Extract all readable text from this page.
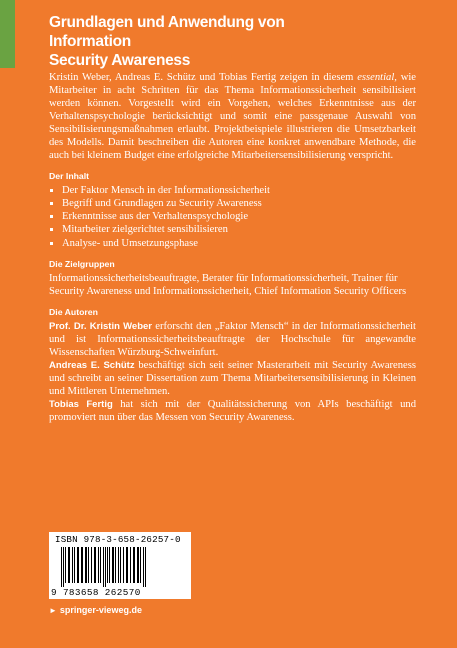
Grundlagen und Anwendung von Information
Security Awareness

Kristin Weber, Andreas E. Schütz und Tobias Fertig zeigen in diesem essential, wie Mitarbeiter in acht Schritten für das Thema Informationssicherheit sensibilisiert werden können. Vorgestellt wird ein Vorgehen, welches Erkenntnisse aus der Verhaltenspsychologie berücksichtigt und somit eine passgenaue Auswahl von Sensibilisierungsmaßnahmen erlaubt. Projektbeispiele illustrieren die Umsetzbarkeit des Modells. Damit beschreiben die Autoren eine konkret anwendbare Methode, die auch bei kleinem Budget eine erfolgreiche Mitarbeitersensibilisierung verspricht.

Der Inhalt
Der Faktor Mensch in der Informationssicherheit
Begriff und Grundlagen zu Security Awareness
Erkenntnisse aus der Verhaltenspsychologie
Mitarbeiter zielgerichtet sensibilisieren
Analyse- und Umsetzungsphase
Die Zielgruppen

Informationssicherheitsbeauftragte, Berater für Informationssicherheit, Trainer für Security Awareness und Informationssicherheit, Chief Information Security Officers

Die Autoren

Prof. Dr. Kristin Weber erforscht den „Faktor Mensch“ in der Informationssicherheit und ist Informationssicherheitsbeauftragte der Hochschule für angewandte Wissenschaften Würzburg-Schweinfurt.

Andreas E. Schütz beschäftigt sich seit seiner Masterarbeit mit Security Awareness und schreibt an seiner Dissertation zum Thema Mitarbeitersensibilisierung in Kleinen und Mittleren Unternehmen.

Tobias Fertig hat sich mit der Qualitätssicherung von APIs beschäftigt und promoviert nun über das Messen von Security Awareness.

ISBN 978-3-658-26257-0
9 783658 262570
► springer-vieweg.de
